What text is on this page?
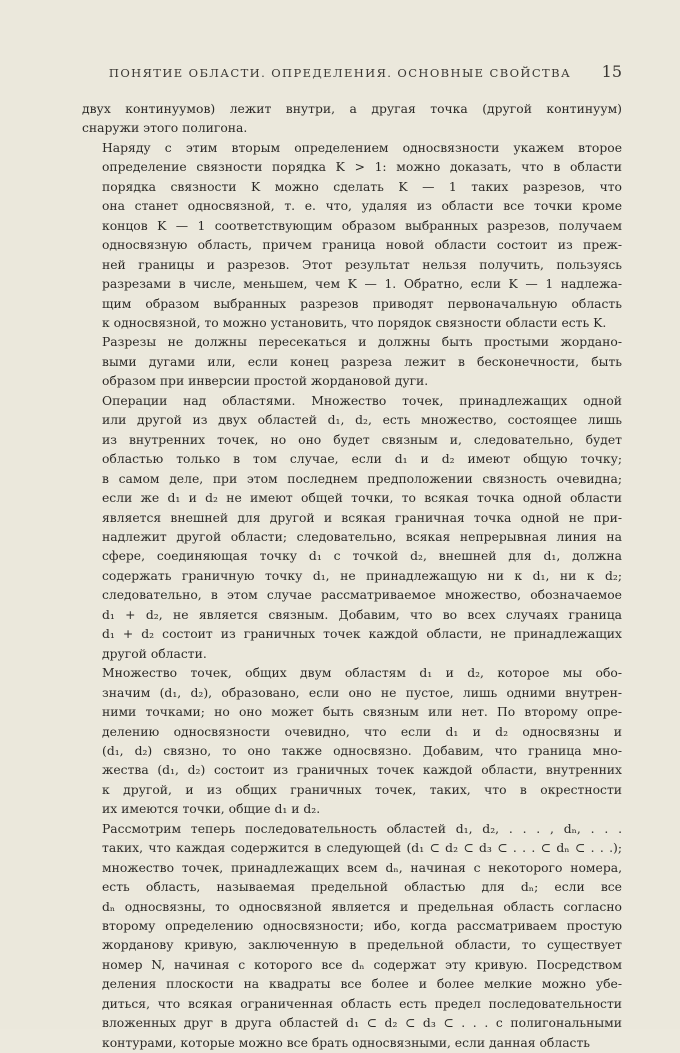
ПОНЯТИЕ ОБЛАСТИ. ОПРЕДЕЛЕНИЯ. ОСНОВНЫЕ СВОЙСТВА	15

двух континуумов) лежит внутри, а другая точка (другой континуум)
снаружи этого полигона.

Наряду с этим вторым определением односвязности укажем второе
определение связности порядка K > 1: можно доказать, что в области
порядка связности K можно сделать K — 1 таких разрезов, что
она станет односвязной, т. е. что, удаляя из области все точки кроме
концов K — 1 соответствующим образом выбранных разрезов, получаем
односвязную область, причем граница новой области состоит из преж-
ней границы и разрезов. Этот результат нельзя получить, пользуясь
разрезами в числе, меньшем, чем K — 1. Обратно, если K — 1 надлежа-
щим образом выбранных разрезов приводят первоначальную область
к односвязной, то можно установить, что порядок связности области есть K.

Разрезы не должны пересекаться и должны быть простыми жордано-
выми дугами или, если конец разреза лежит в бесконечности, быть
образом при инверсии простой жордановой дуги.

Операции над областями. Множество точек, принадлежащих одной
или другой из двух областей d₁, d₂, есть множество, состоящее лишь
из внутренних точек, но оно будет связным и, следовательно, будет
областью только в том случае, если d₁ и d₂ имеют общую точку;
в самом деле, при этом последнем предположении связность очевидна;
если же d₁ и d₂ не имеют общей точки, то всякая точка одной области
является внешней для другой и всякая граничная точка одной не при-
надлежит другой области; следовательно, всякая непрерывная линия на
сфере, соединяющая точку d₁ с точкой d₂, внешней для d₁, должна
содержать граничную точку d₁, не принадлежащую ни к d₁, ни к d₂;
следовательно, в этом случае рассматриваемое множество, обозначаемое
d₁ + d₂, не является связным. Добавим, что во всех случаях граница
d₁ + d₂ состоит из граничных точек каждой области, не принадлежащих
другой области.

Множество точек, общих двум областям d₁ и d₂, которое мы обо-
значим (d₁, d₂), образовано, если оно не пустое, лишь одними внутрен-
ними точками; но оно может быть связным или нет. По второму опре-
делению односвязности очевидно, что если d₁ и d₂ односвязны и
(d₁, d₂) связно, то оно также односвязно. Добавим, что граница мно-
жества (d₁, d₂) состоит из граничных точек каждой области, внутренних
к другой, и из общих граничных точек, таких, что в окрестности
их имеются точки, общие d₁ и d₂.

Рассмотрим теперь последовательность областей d₁, d₂, . . . , dₙ, . . .
таких, что каждая содержится в следующей (d₁ ⊂ d₂ ⊂ d₃ ⊂ . . . ⊂ dₙ ⊂ . . .);
множество точек, принадлежащих всем dₙ, начиная с некоторого номера,
есть область, называемая предельной областью для dₙ; если все
dₙ односвязны, то односвязной является и предельная область согласно
второму определению односвязности; ибо, когда рассматриваем простую
жорданову кривую, заключенную в предельной области, то существует
номер N, начиная с которого все dₙ содержат эту кривую. Посредством
деления плоскости на квадраты все более и более мелкие можно убе-
диться, что всякая ограниченная область есть предел последовательности
вложенных друг в друга областей d₁ ⊂ d₂ ⊂ d₃ ⊂ . . . с полигональными
контурами, которые можно все брать односвязными, если данная область
